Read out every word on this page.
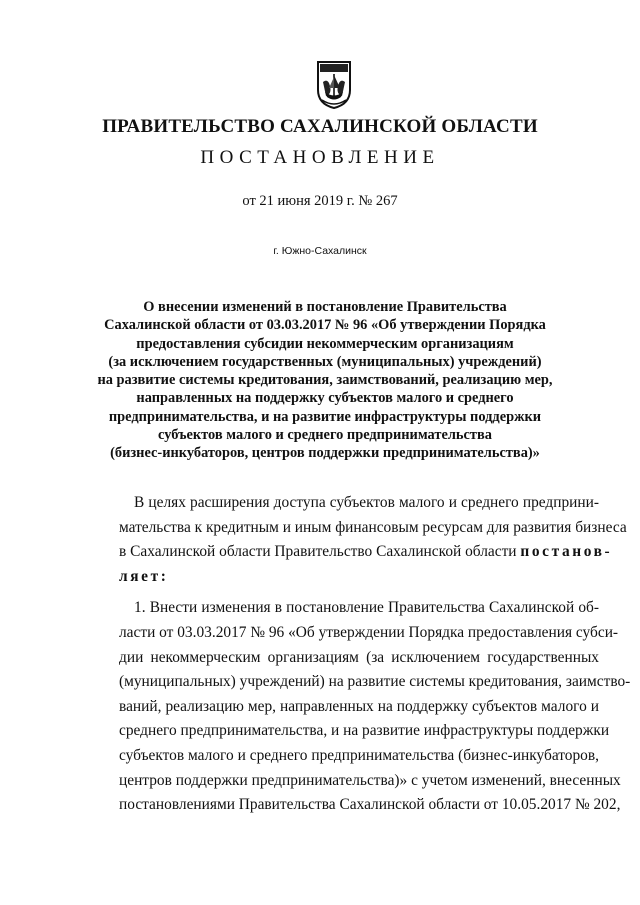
ПРАВИТЕЛЬСТВО САХАЛИНСКОЙ ОБЛАСТИ
ПОСТАНОВЛЕНИЕ
от 21 июня 2019 г. № 267
г. Южно-Сахалинск
О внесении изменений в постановление Правительства
Сахалинской области от 03.03.2017 № 96 «Об утверждении Порядка
предоставления субсидии некоммерческим организациям
(за исключением государственных (муниципальных) учреждений)
на развитие системы кредитования, заимствований, реализацию мер,
направленных на поддержку субъектов малого и среднего
предпринимательства, и на развитие инфраструктуры поддержки
субъектов малого и среднего предпринимательства
(бизнес-инкубаторов, центров поддержки предпринимательства)»
В целях расширения доступа субъектов малого и среднего предприни-
мательства к кредитным и иным финансовым ресурсам для развития бизнеса
в Сахалинской области Правительство Сахалинской области постанов-
ляет:
1. Внести изменения в постановление Правительства Сахалинской об-
ласти от 03.03.2017 № 96 «Об утверждении Порядка предоставления субси-
дии некоммерческим организациям (за исключением государственных
(муниципальных) учреждений) на развитие системы кредитования, заимство-
ваний, реализацию мер, направленных на поддержку субъектов малого и
среднего предпринимательства, и на развитие инфраструктуры поддержки
субъектов малого и среднего предпринимательства (бизнес-инкубаторов,
центров поддержки предпринимательства)» с учетом изменений, внесенных
постановлениями Правительства Сахалинской области от 10.05.2017 № 202,
